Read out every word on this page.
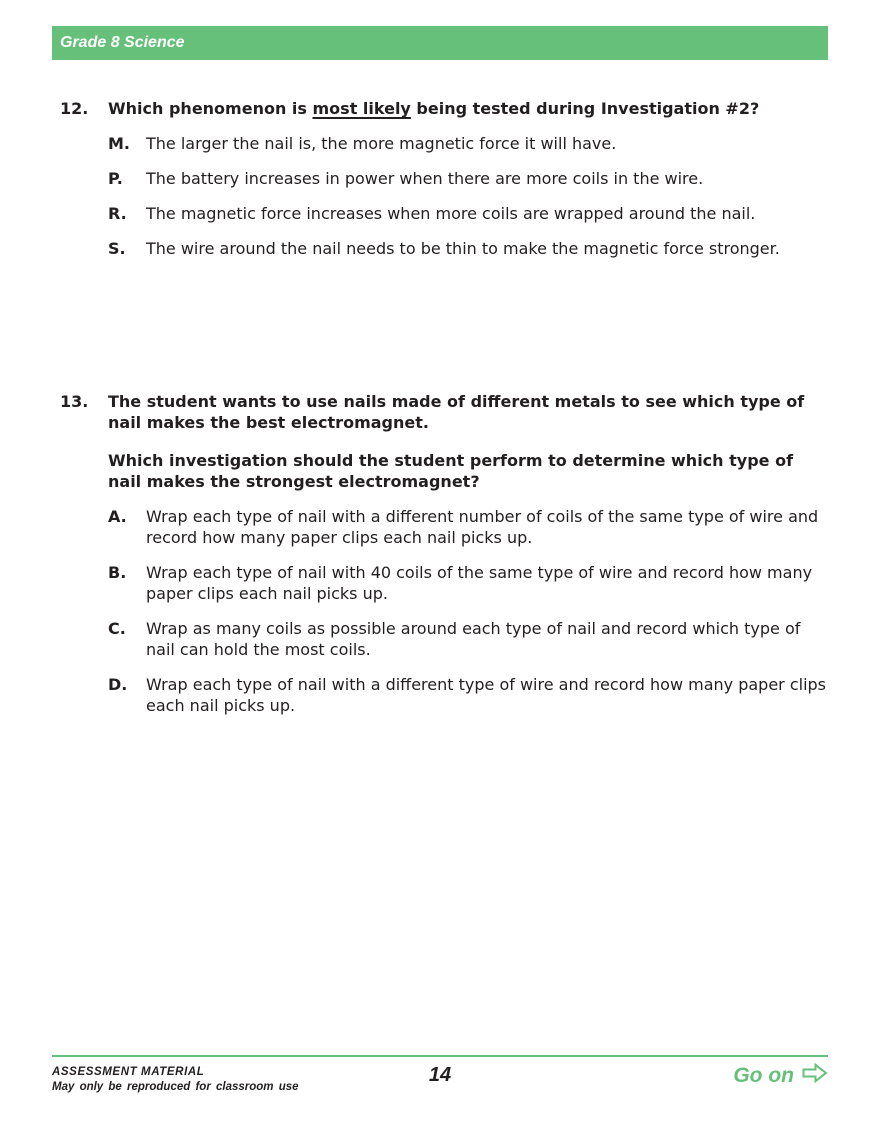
Grade 8 Science
12.	Which phenomenon is most likely being tested during Investigation #2?
M.	The larger the nail is, the more magnetic force it will have.
P.	The battery increases in power when there are more coils in the wire.
R.	The magnetic force increases when more coils are wrapped around the nail.
S.	The wire around the nail needs to be thin to make the magnetic force stronger.
13.	The student wants to use nails made of different metals to see which type of nail makes the best electromagnet.
Which investigation should the student perform to determine which type of nail makes the strongest electromagnet?
A.	Wrap each type of nail with a different number of coils of the same type of wire and record how many paper clips each nail picks up.
B.	Wrap each type of nail with 40 coils of the same type of wire and record how many paper clips each nail picks up.
C.	Wrap as many coils as possible around each type of nail and record which type of nail can hold the most coils.
D.	Wrap each type of nail with a different type of wire and record how many paper clips each nail picks up.
ASSESSMENT MATERIAL
May only be reproduced for classroom use
14	Go on
